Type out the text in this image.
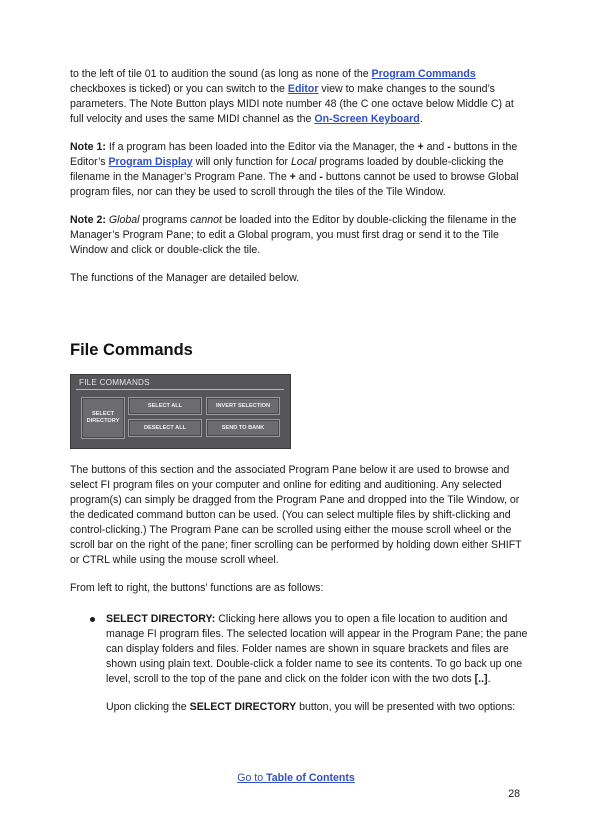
to the left of tile 01 to audition the sound (as long as none of the Program Commands checkboxes is ticked) or you can switch to the Editor view to make changes to the sound’s parameters. The Note Button plays MIDI note number 48 (the C one octave below Middle C) at full velocity and uses the same MIDI channel as the On-Screen Keyboard.

Note 1: If a program has been loaded into the Editor via the Manager, the + and - buttons in the Editor’s Program Display will only function for Local programs loaded by double-clicking the filename in the Manager’s Program Pane. The + and - buttons cannot be used to browse Global program files, nor can they be used to scroll through the tiles of the Tile Window.

Note 2: Global programs cannot be loaded into the Editor by double-clicking the filename in the Manager’s Program Pane; to edit a Global program, you must first drag or send it to the Tile Window and click or double-click the tile.

The functions of the Manager are detailed below.

File Commands
FILE COMMANDS
SELECT DIRECTORY
SELECT ALL	INVERT SELECTION
DESELECT ALL	SEND TO BANK

The buttons of this section and the associated Program Pane below it are used to browse and select FI program files on your computer and online for editing and auditioning. Any selected program(s) can simply be dragged from the Program Pane and dropped into the Tile Window, or the dedicated command button can be used. (You can select multiple files by shift-clicking and control-clicking.) The Program Pane can be scrolled using either the mouse scroll wheel or the scroll bar on the right of the pane; finer scrolling can be performed by holding down either SHIFT or CTRL while using the mouse scroll wheel.

From left to right, the buttons’ functions are as follows:

SELECT DIRECTORY: Clicking here allows you to open a file location to audition and manage FI program files. The selected location will appear in the Program Pane; the pane can display folders and files. Folder names are shown in square brackets and files are shown using plain text. Double-click a folder name to see its contents. To go back up one level, scroll to the top of the pane and click on the folder icon with the two dots [..].

Upon clicking the SELECT DIRECTORY button, you will be presented with two options:

Go to Table of Contents
28
